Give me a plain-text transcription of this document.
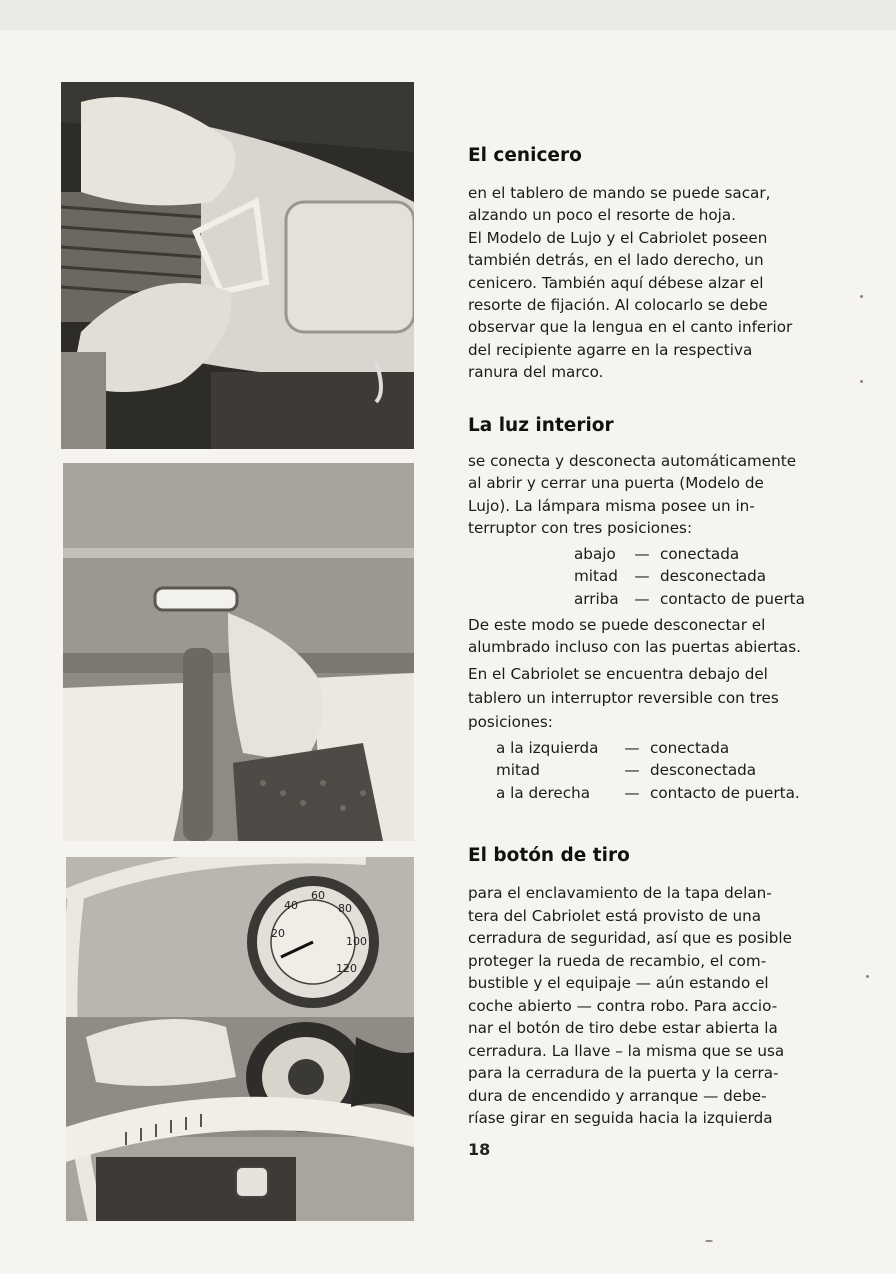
20
40
60
80
100
120
El cenicero
en el tablero de mando se puede sacar,
alzando un poco el resorte de hoja.
El Modelo de Lujo y el Cabriolet poseen
también detrás, en el lado derecho, un
cenicero. También aquí débese alzar el
resorte de fijación. Al colocarlo se debe
observar que la lengua en el canto inferior
del recipiente agarre en la respectiva
ranura del marco.
La luz interior
se conecta y desconecta automáticamente
al abrir y cerrar una puerta (Modelo de
Lujo). La lámpara misma posee un in-
terruptor con tres posiciones:
abajo	— conectada
mitad	— desconectada
arriba	— contacto de puerta
De este modo se puede desconectar el
alumbrado incluso con las puertas abiertas.
En el Cabriolet se encuentra debajo del
tablero un interruptor reversible con tres
posiciones:
a la izquierda	— conectada
mitad	— desconectada
a la derecha	— contacto de puerta.
El botón de tiro
para el enclavamiento de la tapa delan-
tera del Cabriolet está provisto de una
cerradura de seguridad, así que es posible
proteger la rueda de recambio, el com-
bustible y el equipaje — aún estando el
coche abierto — contra robo. Para accio-
nar el botón de tiro debe estar abierta la
cerradura. La llave – la misma que se usa
para la cerradura de la puerta y la cerra-
dura de encendido y arranque — debe-
ríase girar en seguida hacia la izquierda
18
